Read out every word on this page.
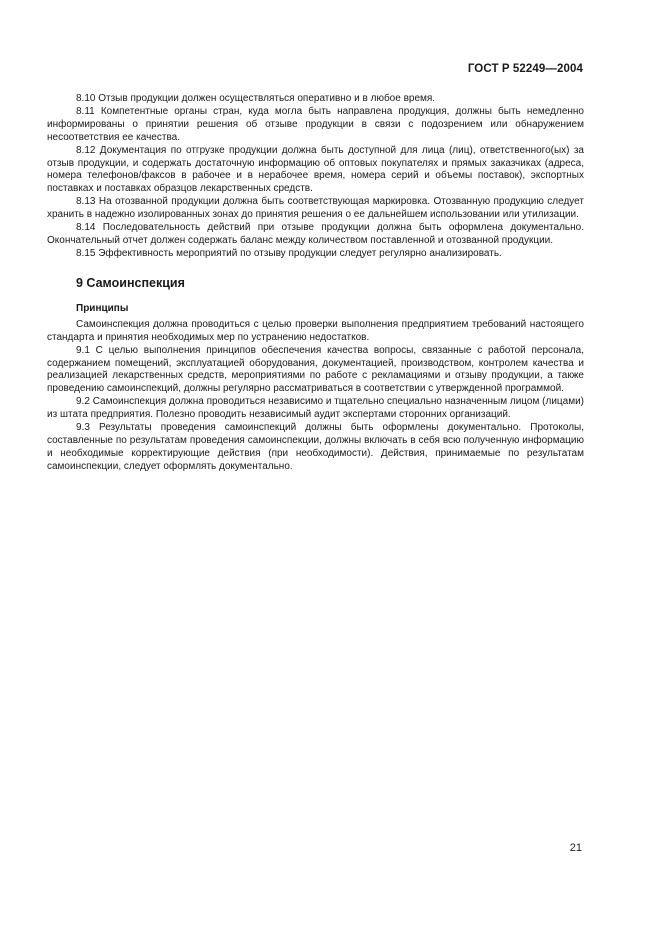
ГОСТ Р 52249—2004

8.10 Отзыв продукции должен осуществляться оперативно и в любое время.

8.11 Компетентные органы стран, куда могла быть направлена продукция, должны быть немедленно информированы о принятии решения об отзыве продукции в связи с подозрением или обнаружением несоответствия ее качества.

8.12 Документация по отгрузке продукции должна быть доступной для лица (лиц), ответственного(ых) за отзыв продукции, и содержать достаточную информацию об оптовых покупателях и прямых заказчиках (адреса, номера телефонов/факсов в рабочее и в нерабочее время, номера серий и объемы поставок), экспортных поставках и поставках образцов лекарственных средств.

8.13 На отозванной продукции должна быть соответствующая маркировка. Отозванную продукцию следует хранить в надежно изолированных зонах до принятия решения о ее дальнейшем использовании или утилизации.

8.14 Последовательность действий при отзыве продукции должна быть оформлена документально. Окончательный отчет должен содержать баланс между количеством поставленной и отозванной продукции.

8.15 Эффективность мероприятий по отзыву продукции следует регулярно анализировать.

9 Самоинспекция
Принципы

Самоинспекция должна проводиться с целью проверки выполнения предприятием требований настоящего стандарта и принятия необходимых мер по устранению недостатков.

9.1 С целью выполнения принципов обеспечения качества вопросы, связанные с работой персонала, содержанием помещений, эксплуатацией оборудования, документацией, производством, контролем качества и реализацией лекарственных средств, мероприятиями по работе с рекламациями и отзыву продукции, а также проведению самоинспекций, должны регулярно рассматриваться в соответствии с утвержденной программой.

9.2 Самоинспекция должна проводиться независимо и тщательно специально назначенным лицом (лицами) из штата предприятия. Полезно проводить независимый аудит экспертами сторонних организаций.

9.3 Результаты проведения самоинспекций должны быть оформлены документально. Протоколы, составленные по результатам проведения самоинспекции, должны включать в себя всю полученную информацию и необходимые корректирующие действия (при необходимости). Действия, принимаемые по результатам самоинспекции, следует оформлять документально.

21
